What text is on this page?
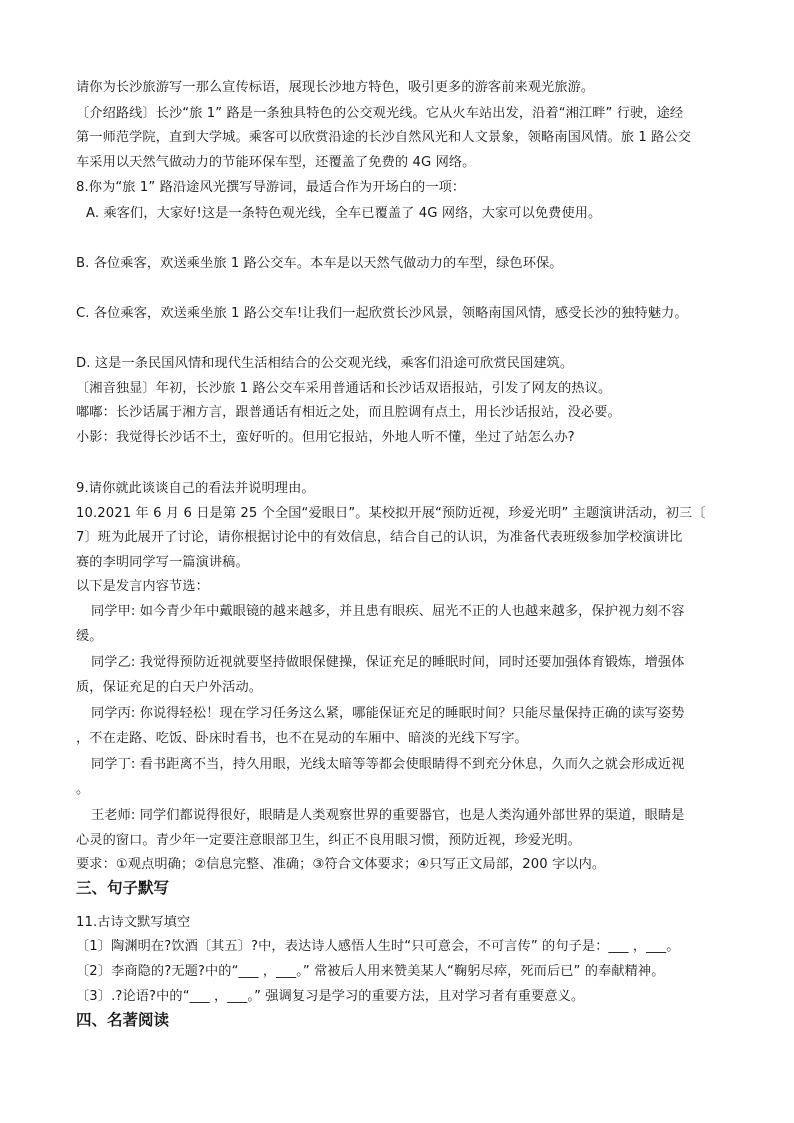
请你为长沙旅游写一那么宣传标语，展现长沙地方特色，吸引更多的游客前来观光旅游。
〔介绍路线〕长沙“旅 1” 路是一条独具特色的公交观光线。它从火车站出发，沿着“湘江畔” 行驶，途经
第一师范学院，直到大学城。乘客可以欣赏沿途的长沙自然风光和人文景象，领略南国风情。旅 1 路公交
车采用以天然气做动力的节能环保车型，还覆盖了免费的 4G 网络。
8.你为“旅 1” 路沿途风光撰写导游词，最适合作为开场白的一项：
A. 乘客们，大家好!这是一条特色观光线，全车已覆盖了 4G 网络，大家可以免费使用。
B. 各位乘客，欢送乘坐旅 1 路公交车。本车是以天然气做动力的车型，绿色环保。
C. 各位乘客，欢送乘坐旅 1 路公交车!让我们一起欣赏长沙风景，领略南国风情，感受长沙的独特魅力。
D. 这是一条民国风情和现代生活相结合的公交观光线，乘客们沿途可欣赏民国建筑。
〔湘音独显〕年初，长沙旅 1 路公交车采用普通话和长沙话双语报站，引发了网友的热议。
嘟嘟：长沙话属于湘方言，跟普通话有相近之处，而且腔调有点土，用长沙话报站，没必要。
小影：我觉得长沙话不土，蛮好听的。但用它报站，外地人听不懂，坐过了站怎么办?
9.请你就此谈谈自己的看法并说明理由。
10.2021 年 6 月 6 日是第 25 个全国“爱眼日”。某校拟开展“预防近视，珍爱光明” 主题演讲活动，初三〔
7〕班为此展开了讨论，请你根据讨论中的有效信息，结合自己的认识，为准备代表班级参加学校演讲比
赛的李明同学写一篇演讲稿。
以下是发言内容节选：
同学甲: 如今青少年中戴眼镜的越来越多，并且患有眼疾、屈光不正的人也越来越多，保护视力刻不容
缓。
同学乙: 我觉得预防近视就要坚持做眼保健操，保证充足的睡眠时间，同时还要加强体育锻炼，增强体
质，保证充足的白天户外活动。
同学丙: 你说得轻松！现在学习任务这么紧，哪能保证充足的睡眠时间？只能尽量保持正确的读写姿势
，不在走路、吃饭、卧床时看书，也不在晃动的车厢中、暗淡的光线下写字。
同学丁: 看书距离不当，持久用眼，光线太暗等等都会使眼睛得不到充分休息，久而久之就会形成近视
。
王老师: 同学们都说得很好，眼睛是人类观察世界的重要器官，也是人类沟通外部世界的渠道，眼睛是
心灵的窗口。青少年一定要注意眼部卫生，纠正不良用眼习惯，预防近视，珍爱光明。
要求：①观点明确；②信息完整、准确；③符合文体要求；④只写正文局部，200 字以内。
三、句子默写
11.古诗文默写填空
〔1〕陶渊明在?饮酒〔其五〕?中，表达诗人感悟人生时“只可意会，不可言传” 的句子是：___ ，___。
〔2〕李商隐的?无题?中的“___ ，___。” 常被后人用来赞美某人“鞠躬尽瘁，死而后已” 的奉献精神。
〔3〕.?论语?中的“___ ，___。” 强调复习是学习的重要方法，且对学习者有重要意义。
四、名著阅读
